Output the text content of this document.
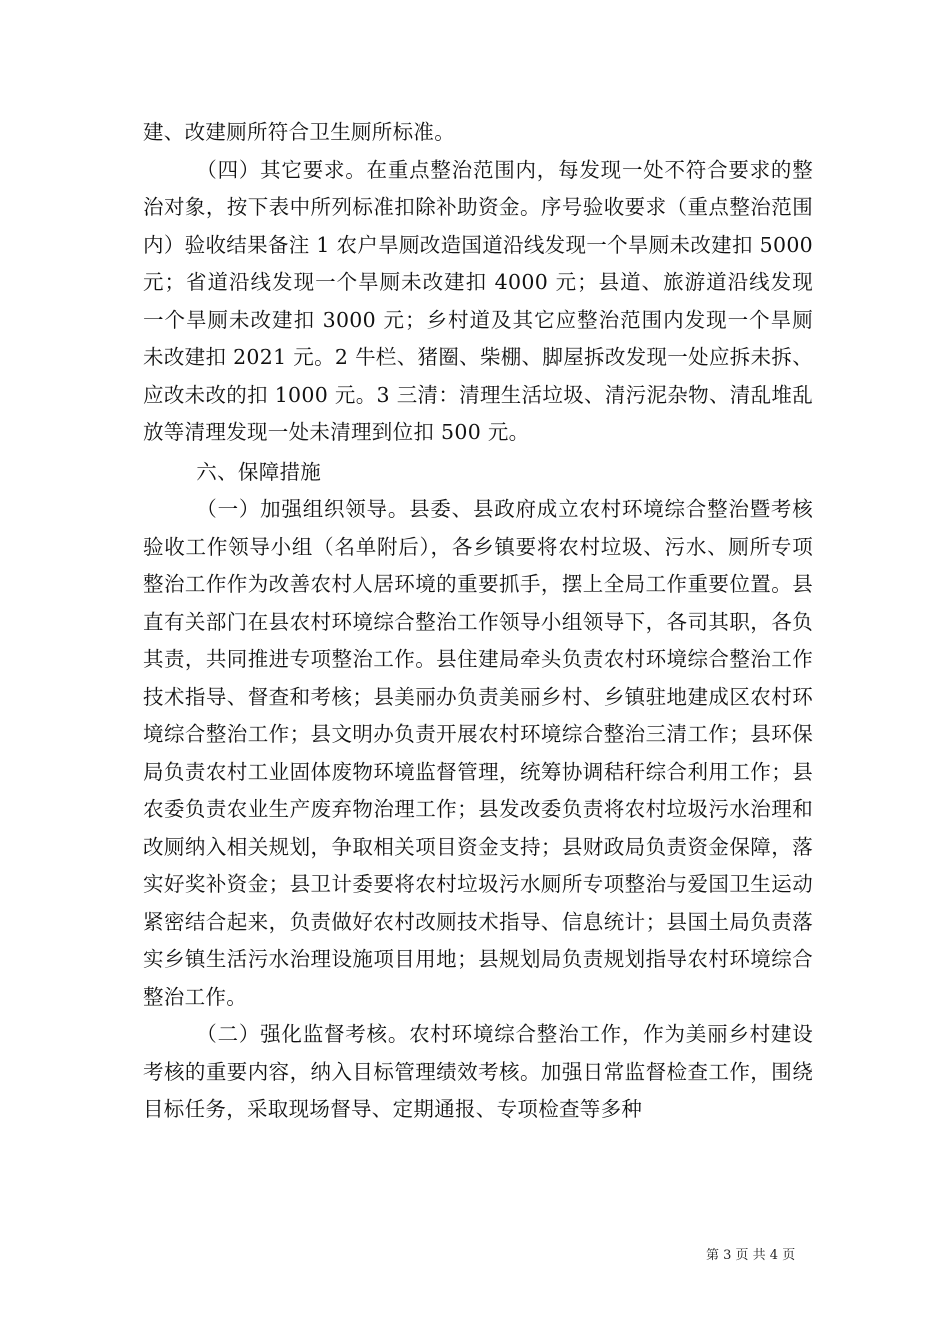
建、改建厕所符合卫生厕所标准。

（四）其它要求。在重点整治范围内，每发现一处不符合要求的整治对象，按下表中所列标准扣除补助资金。序号验收要求（重点整治范围内）验收结果备注 1 农户旱厕改造国道沿线发现一个旱厕未改建扣 5000 元；省道沿线发现一个旱厕未改建扣 4000 元；县道、旅游道沿线发现一个旱厕未改建扣 3000 元；乡村道及其它应整治范围内发现一个旱厕未改建扣 2021 元。2 牛栏、猪圈、柴棚、脚屋拆改发现一处应拆未拆、应改未改的扣 1000 元。3 三清：清理生活垃圾、清污泥杂物、清乱堆乱放等清理发现一处未清理到位扣 500 元。

六、保障措施

（一）加强组织领导。县委、县政府成立农村环境综合整治暨考核验收工作领导小组（名单附后），各乡镇要将农村垃圾、污水、厕所专项整治工作作为改善农村人居环境的重要抓手，摆上全局工作重要位置。县直有关部门在县农村环境综合整治工作领导小组领导下，各司其职，各负其责，共同推进专项整治工作。县住建局牵头负责农村环境综合整治工作技术指导、督查和考核；县美丽办负责美丽乡村、乡镇驻地建成区农村环境综合整治工作；县文明办负责开展农村环境综合整治三清工作；县环保局负责农村工业固体废物环境监督管理，统筹协调秸秆综合利用工作；县农委负责农业生产废弃物治理工作；县发改委负责将农村垃圾污水治理和改厕纳入相关规划，争取相关项目资金支持；县财政局负责资金保障，落实好奖补资金；县卫计委要将农村垃圾污水厕所专项整治与爱国卫生运动紧密结合起来，负责做好农村改厕技术指导、信息统计；县国土局负责落实乡镇生活污水治理设施项目用地；县规划局负责规划指导农村环境综合整治工作。

（二）强化监督考核。农村环境综合整治工作，作为美丽乡村建设考核的重要内容，纳入目标管理绩效考核。加强日常监督检查工作，围绕目标任务，采取现场督导、定期通报、专项检查等多种

第 3 页 共 4 页
